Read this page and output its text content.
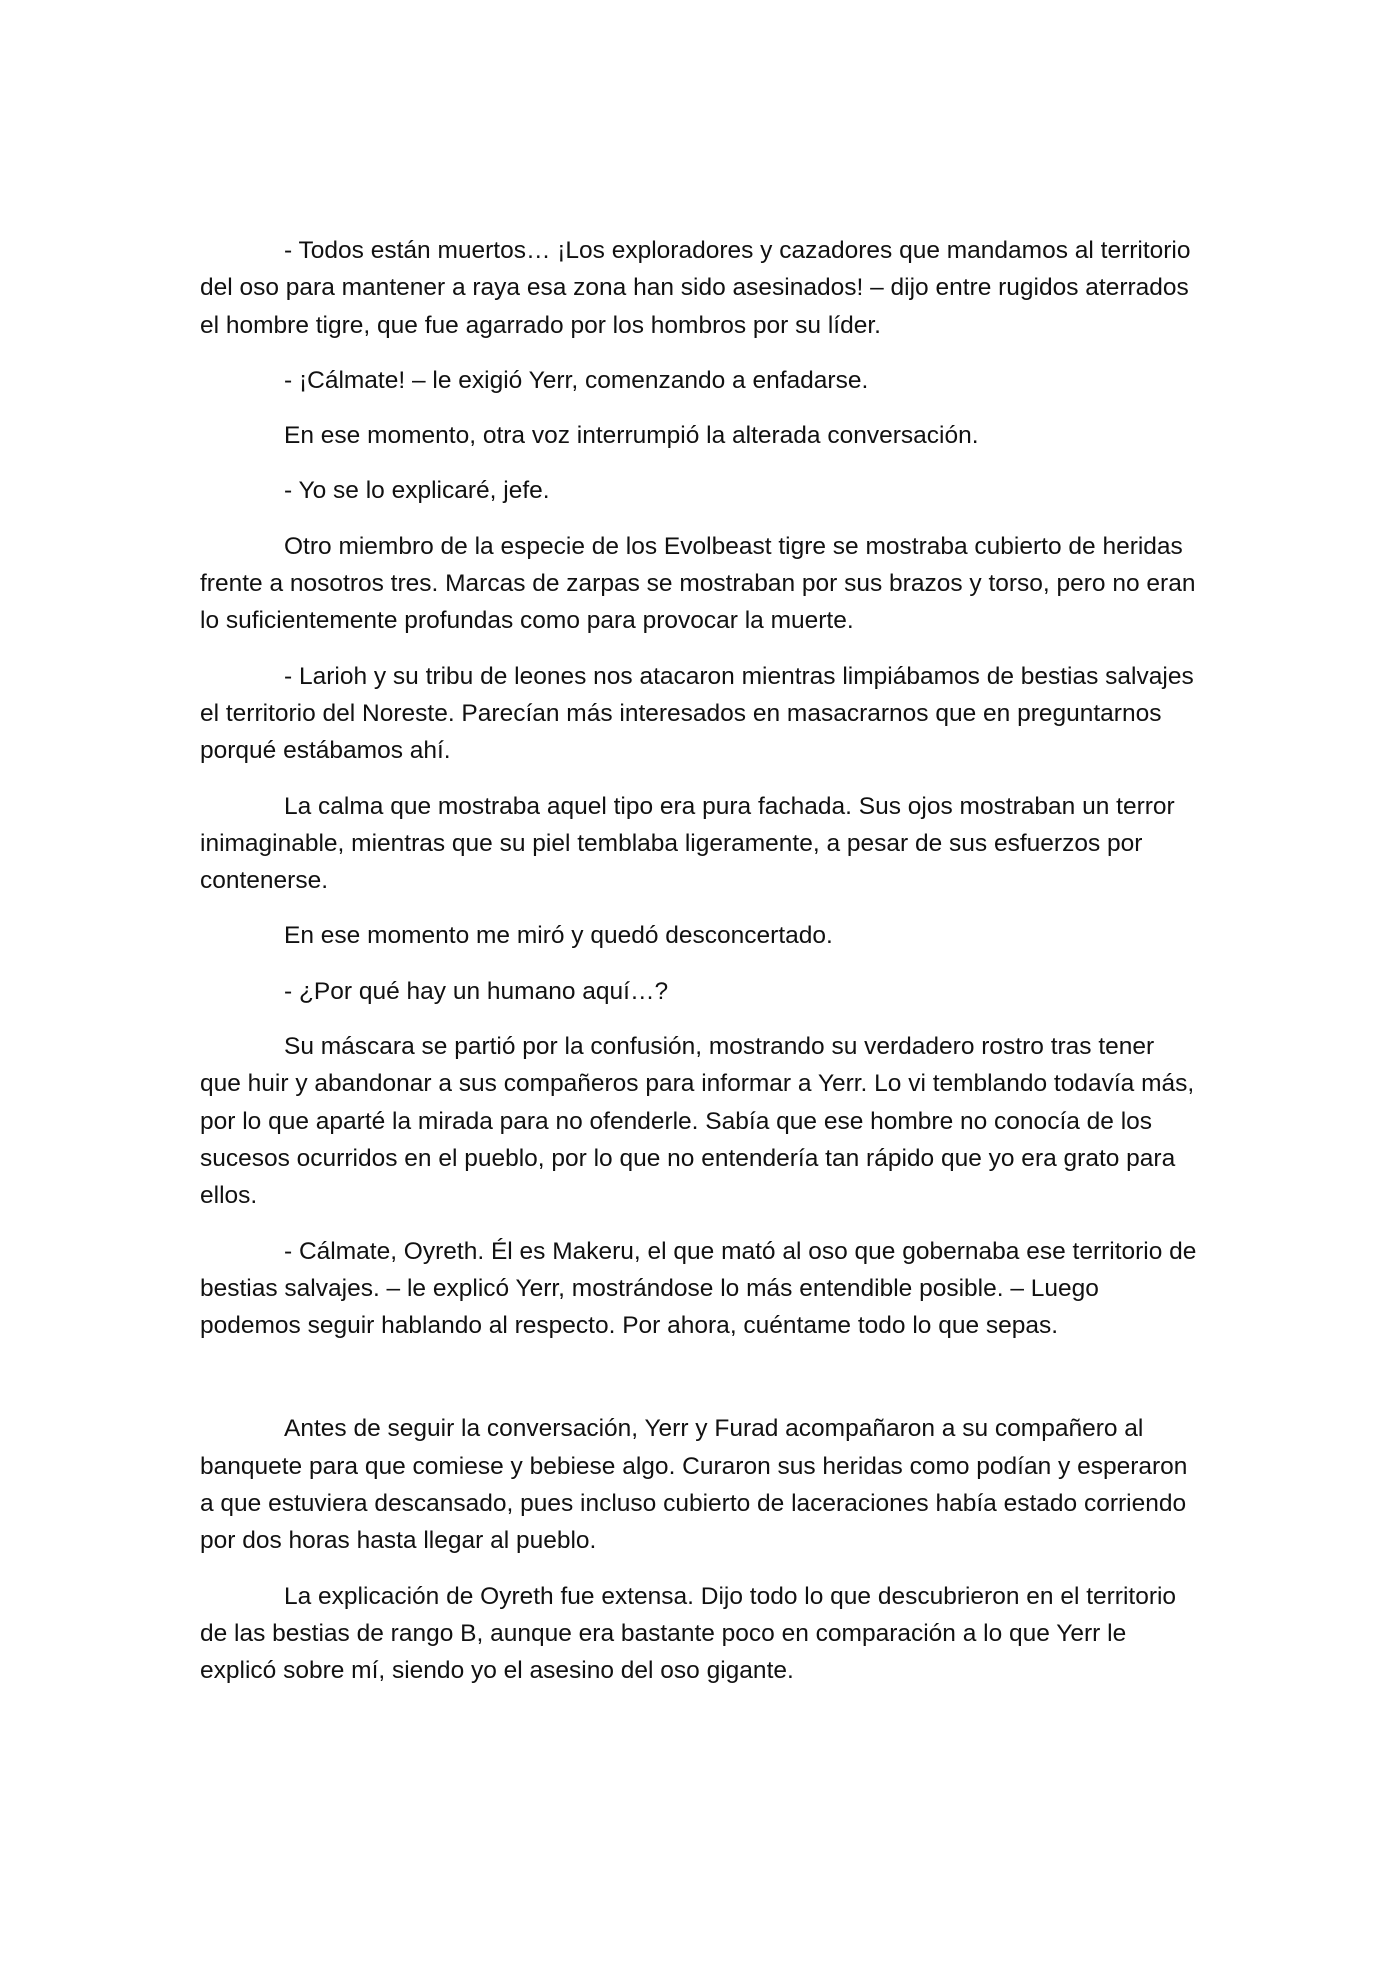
- Todos están muertos… ¡Los exploradores y cazadores que mandamos al territorio del oso para mantener a raya esa zona han sido asesinados! – dijo entre rugidos aterrados el hombre tigre, que fue agarrado por los hombros por su líder.

- ¡Cálmate! – le exigió Yerr, comenzando a enfadarse.

En ese momento, otra voz interrumpió la alterada conversación.

- Yo se lo explicaré, jefe.

Otro miembro de la especie de los Evolbeast tigre se mostraba cubierto de heridas frente a nosotros tres. Marcas de zarpas se mostraban por sus brazos y torso, pero no eran lo suficientemente profundas como para provocar la muerte.

- Larioh y su tribu de leones nos atacaron mientras limpiábamos de bestias salvajes el territorio del Noreste. Parecían más interesados en masacrarnos que en preguntarnos porqué estábamos ahí.

La calma que mostraba aquel tipo era pura fachada. Sus ojos mostraban un terror inimaginable, mientras que su piel temblaba ligeramente, a pesar de sus esfuerzos por contenerse.

En ese momento me miró y quedó desconcertado.

- ¿Por qué hay un humano aquí…?

Su máscara se partió por la confusión, mostrando su verdadero rostro tras tener que huir y abandonar a sus compañeros para informar a Yerr. Lo vi temblando todavía más, por lo que aparté la mirada para no ofenderle. Sabía que ese hombre no conocía de los sucesos ocurridos en el pueblo, por lo que no entendería tan rápido que yo era grato para ellos.

- Cálmate, Oyreth. Él es Makeru, el que mató al oso que gobernaba ese territorio de bestias salvajes. – le explicó Yerr, mostrándose lo más entendible posible. – Luego podemos seguir hablando al respecto. Por ahora, cuéntame todo lo que sepas.

Antes de seguir la conversación, Yerr y Furad acompañaron a su compañero al banquete para que comiese y bebiese algo. Curaron sus heridas como podían y esperaron a que estuviera descansado, pues incluso cubierto de laceraciones había estado corriendo por dos horas hasta llegar al pueblo.

La explicación de Oyreth fue extensa. Dijo todo lo que descubrieron en el territorio de las bestias de rango B, aunque era bastante poco en comparación a lo que Yerr le explicó sobre mí, siendo yo el asesino del oso gigante.
